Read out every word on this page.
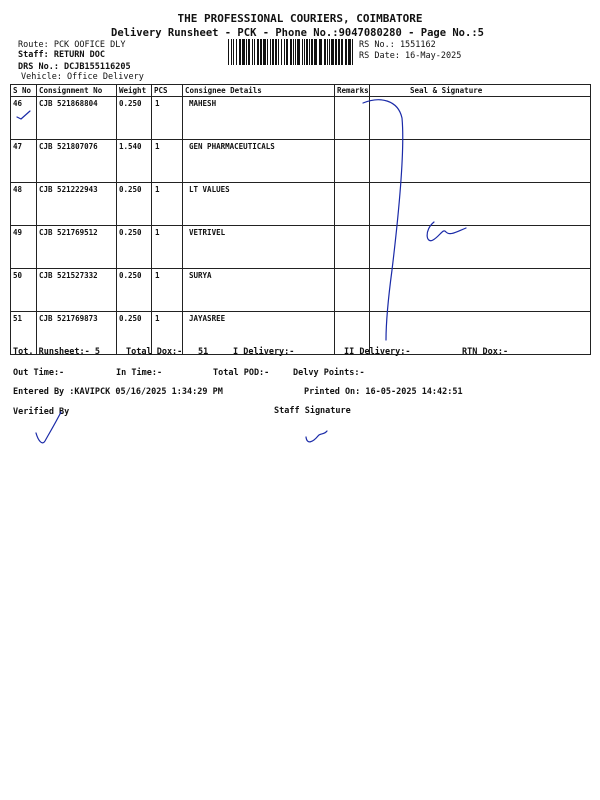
THE PROFESSIONAL COURIERS, COIMBATORE
Delivery Runsheet - PCK - Phone No.:9047080280 - Page No.:5
Route: PCK OOFICE DLY
Staff: RETURN DOC
DRS No.: DCJB155116205
Vehicle: Office Delivery
RS No.: 1551162
RS Date: 16-May-2025
S No	Consignment No	Weight	PCS	Consignee Details	Remarks	Seal & Signature
46	CJB 521868804	0.250	1	MAHESH		
47	CJB 521807076	1.540	1	GEN PHARMACEUTICALS		
48	CJB 521222943	0.250	1	LT VALUES		
49	CJB 521769512	0.250	1	VETRIVEL		
50	CJB 521527332	0.250	1	SURYA		
51	CJB 521769873	0.250	1	JAYASREE		
Tot. Runsheet:- 5	Total Dox:- 51	I Delivery:-	II Delivery:-	RTN Dox:-
Out Time:-	In Time:-	Total POD:-	Delvy Points:-
Entered By :KAVIPCK 05/16/2025 1:34:29 PM	Printed On: 16-05-2025 14:42:51
Verified By	Staff Signature
